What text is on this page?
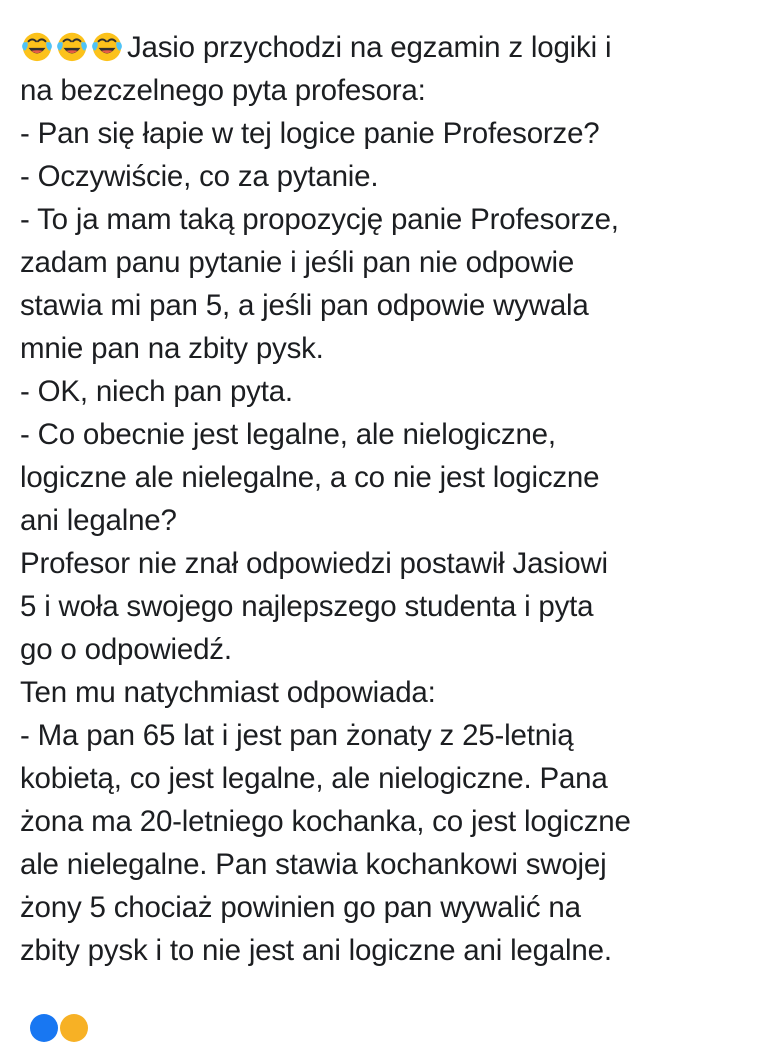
Jasio przychodzi na egzamin z logiki i
na bezczelnego pyta profesora:
- Pan się łapie w tej logice panie Profesorze?
- Oczywiście, co za pytanie.
- To ja mam taką propozycję panie Profesorze,
zadam panu pytanie i jeśli pan nie odpowie
stawia mi pan 5, a jeśli pan odpowie wywala
mnie pan na zbity pysk.
- OK, niech pan pyta.
- Co obecnie jest legalne, ale nielogiczne,
logiczne ale nielegalne, a co nie jest logiczne
ani legalne?
Profesor nie znał odpowiedzi postawił Jasiowi
5 i woła swojego najlepszego studenta i pyta
go o odpowiedź.
Ten mu natychmiast odpowiada:
- Ma pan 65 lat i jest pan żonaty z 25-letnią
kobietą, co jest legalne, ale nielogiczne. Pana
żona ma 20-letniego kochanka, co jest logiczne
ale nielegalne. Pan stawia kochankowi swojej
żony 5 chociaż powinien go pan wywalić na
zbity pysk i to nie jest ani logiczne ani legalne.
